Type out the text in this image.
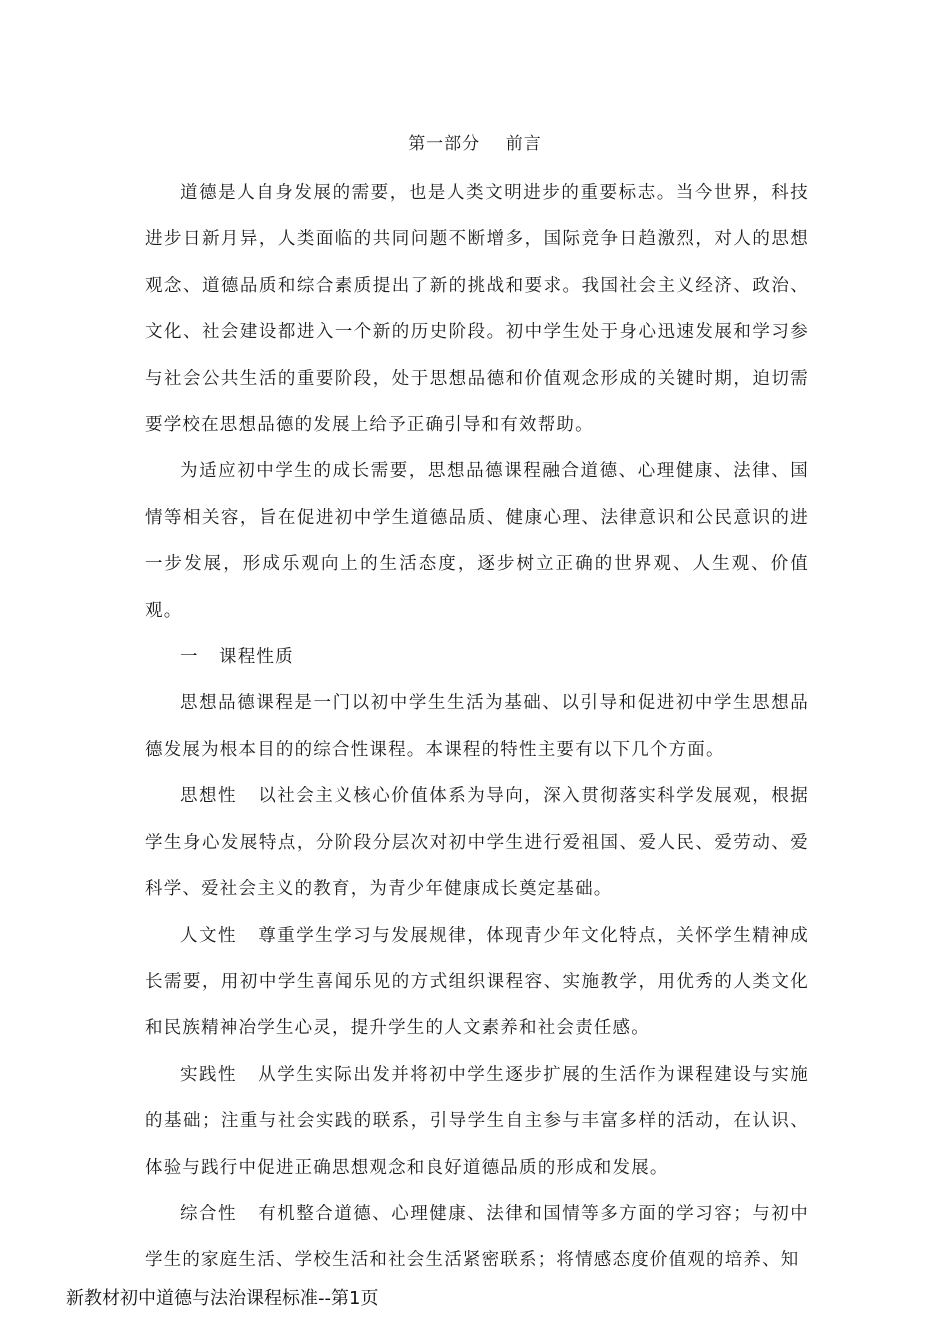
第一部分    前言

道德是人自身发展的需要，也是人类文明进步的重要标志。当今世界，科技进步日新月异，人类面临的共同问题不断增多，国际竞争日趋激烈，对人的思想观念、道德品质和综合素质提出了新的挑战和要求。我国社会主义经济、政治、文化、社会建设都进入一个新的历史阶段。初中学生处于身心迅速发展和学习参与社会公共生活的重要阶段，处于思想品德和价值观念形成的关键时期，迫切需要学校在思想品德的发展上给予正确引导和有效帮助。

为适应初中学生的成长需要，思想品德课程融合道德、心理健康、法律、国情等相关容，旨在促进初中学生道德品质、健康心理、法律意识和公民意识的进一步发展，形成乐观向上的生活态度，逐步树立正确的世界观、人生观、价值观。

一   课程性质

思想品德课程是一门以初中学生生活为基础、以引导和促进初中学生思想品德发展为根本目的的综合性课程。本课程的特性主要有以下几个方面。

思想性   以社会主义核心价值体系为导向，深入贯彻落实科学发展观，根据学生身心发展特点，分阶段分层次对初中学生进行爱祖国、爱人民、爱劳动、爱科学、爱社会主义的教育，为青少年健康成长奠定基础。

人文性   尊重学生学习与发展规律，体现青少年文化特点，关怀学生精神成长需要，用初中学生喜闻乐见的方式组织课程容、实施教学，用优秀的人类文化和民族精神冶学生心灵，提升学生的人文素养和社会责任感。

实践性   从学生实际出发并将初中学生逐步扩展的生活作为课程建设与实施的基础；注重与社会实践的联系，引导学生自主参与丰富多样的活动，在认识、体验与践行中促进正确思想观念和良好道德品质的形成和发展。

综合性   有机整合道德、心理健康、法律和国情等多方面的学习容；与初中学生的家庭生活、学校生活和社会生活紧密联系；将情感态度价值观的培养、知

新教材初中道德与法治课程标准--第1页
